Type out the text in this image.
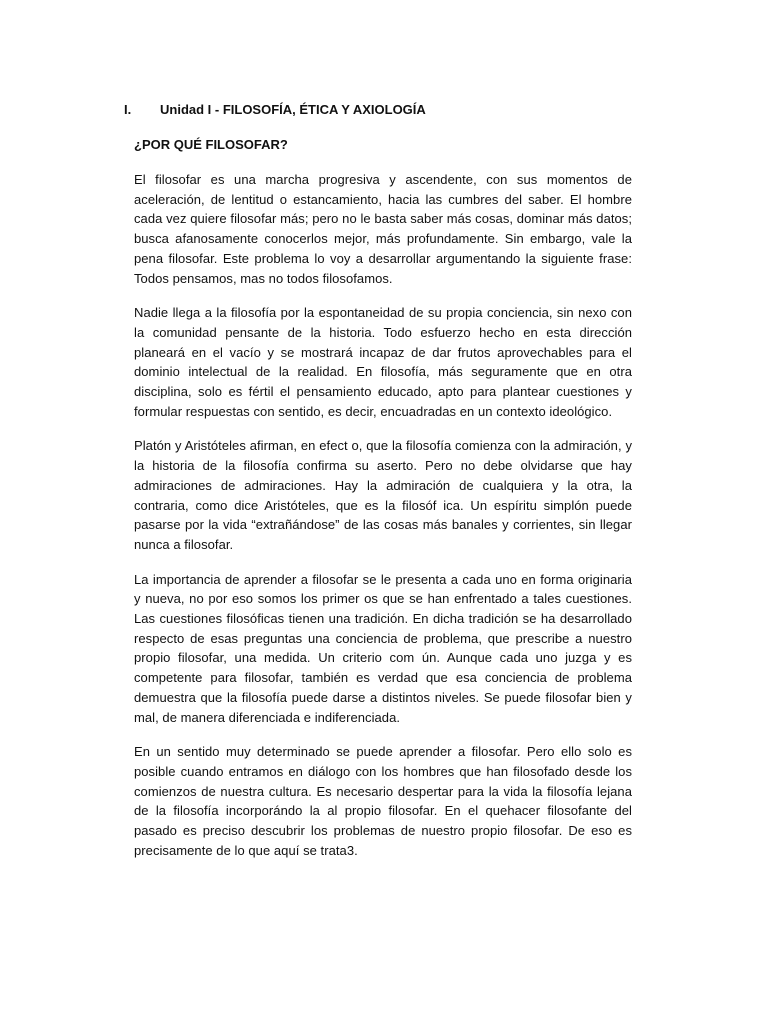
I. Unidad I - FILOSOFÍA, ÉTICA Y AXIOLOGÍA
¿POR QUÉ FILOSOFAR?

El filosofar es una marcha progresiva y ascendente, con sus momentos de aceleración, de lentitud o estancamiento, hacia las cumbres del saber. El hombre cada vez quiere filosofar más; pero no le basta saber más cosas, dominar más datos; busca afanosamente conocerlos mejor, más profundamente. Sin embargo, vale la pena filosofar. Este problema lo voy a desarrollar argumentando la siguiente frase: Todos pensamos, mas no todos filosofamos.

Nadie llega a la filosofía por la espontaneidad de su propia conciencia, sin nexo con la comunidad pensante de la historia. Todo esfuerzo hecho en esta dirección planeará en el vacío y se mostrará incapaz de dar frutos aprovechables para el dominio intelectual de la realidad. En filosofía, más seguramente que en otra disciplina, solo es fértil el pensamiento educado, apto para plantear cuestiones y formular respuestas con sentido, es decir, encuadradas en un contexto ideológico.

Platón y Aristóteles afirman, en efect o, que la filosofía comienza con la admiración, y la historia de la filosofía confirma su aserto. Pero no debe olvidarse que hay admiraciones de admiraciones. Hay la admiración de cualquiera y la otra, la contraria, como dice Aristóteles, que es la filosóf ica. Un espíritu simplón puede pasarse por la vida “extrañándose” de las cosas más banales y corrientes, sin llegar nunca a filosofar.

La importancia de aprender a filosofar se le presenta a cada uno en forma originaria y nueva, no por eso somos los primer os que se han enfrentado a tales cuestiones. Las cuestiones filosóficas tienen una tradición. En dicha tradición se ha desarrollado respecto de esas preguntas una conciencia de problema, que prescribe a nuestro propio filosofar, una medida. Un criterio com ún. Aunque cada uno juzga y es competente para filosofar, también es verdad que esa conciencia de problema demuestra que la filosofía puede darse a distintos niveles. Se puede filosofar bien y mal, de manera diferenciada e indiferenciada.

En un sentido muy determinado se puede aprender a filosofar. Pero ello solo es posible cuando entramos en diálogo con los hombres que han filosofado desde los comienzos de nuestra cultura. Es necesario despertar para la vida la filosofía lejana de la filosofía incorporándo la al propio filosofar. En el quehacer filosofante del pasado es preciso descubrir los problemas de nuestro propio filosofar. De eso es precisamente de lo que aquí se trata3.
